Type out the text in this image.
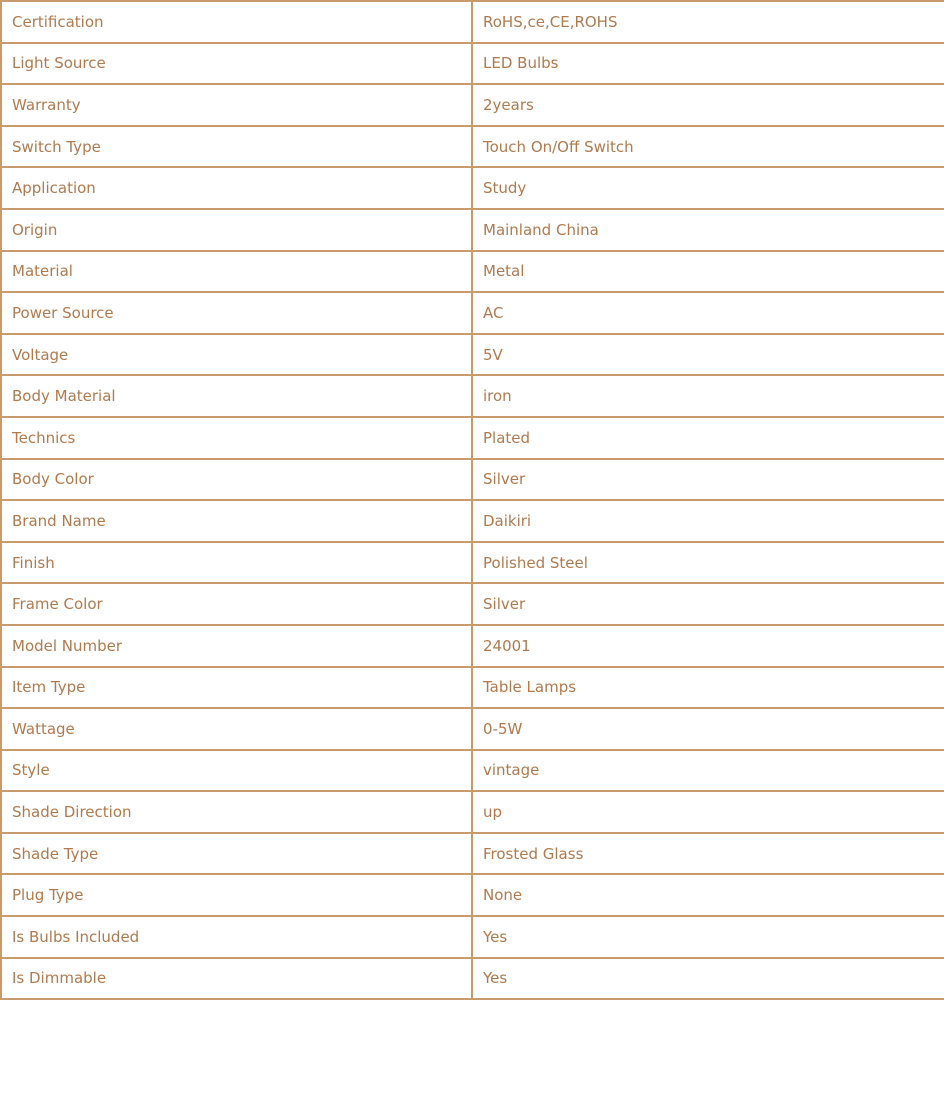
Certification	RoHS,ce,CE,ROHS
Light Source	LED Bulbs
Warranty	2years
Switch Type	Touch On/Off Switch
Application	Study
Origin	Mainland China
Material	Metal
Power Source	AC
Voltage	5V
Body Material	iron
Technics	Plated
Body Color	Silver
Brand Name	Daikiri
Finish	Polished Steel
Frame Color	Silver
Model Number	24001
Item Type	Table Lamps
Wattage	0-5W
Style	vintage
Shade Direction	up
Shade Type	Frosted Glass
Plug Type	None
Is Bulbs Included	Yes
Is Dimmable	Yes
